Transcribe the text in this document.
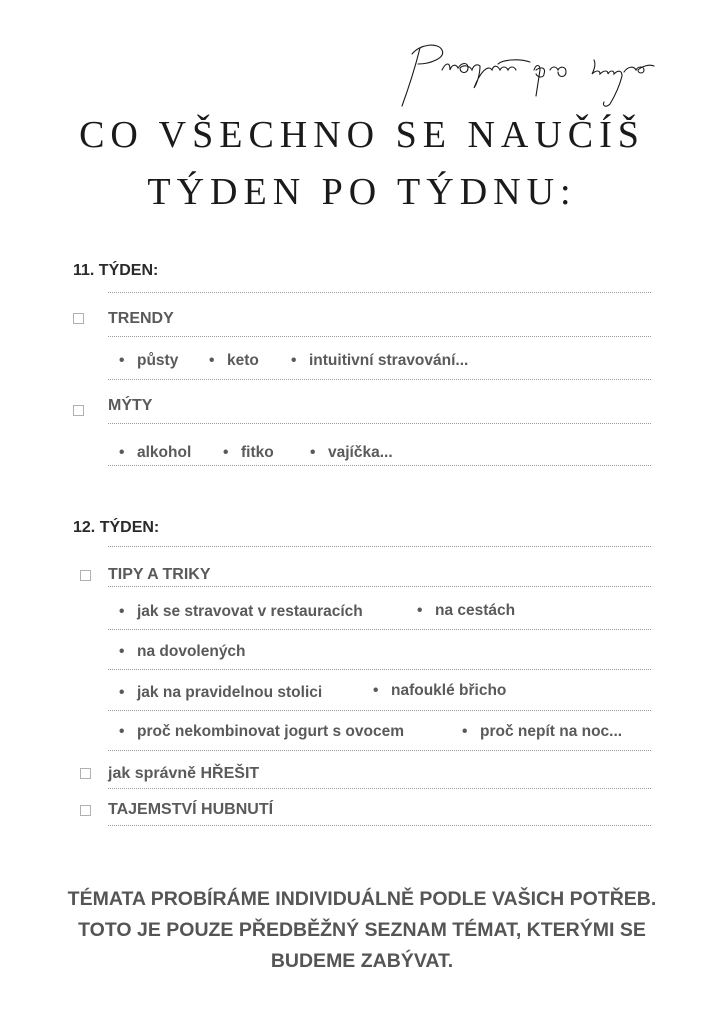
CO VŠECHNO SE NAUČÍŠ
TÝDEN PO TÝDNU:
11. TÝDEN:
TRENDY
• půsty	• keto	• intuitivní stravování...
MÝTY
• alkohol	• fitko	• vajíčka...
12. TÝDEN:
TIPY A TRIKY
• jak se stravovat v restauracích	• na cestách
• na dovolených
• jak na pravidelnou stolici	• nafouklé břicho
• proč nekombinovat jogurt s ovocem	• proč nepít na noc...
jak správně HŘEŠIT
TAJEMSTVÍ HUBNUTÍ
TÉMATA PROBÍRÁME INDIVIDUÁLNĚ PODLE VAŠICH POTŘEB.
TOTO JE POUZE PŘEDBĚŽNÝ SEZNAM TÉMAT, KTERÝMI SE
BUDEME ZABÝVAT.
